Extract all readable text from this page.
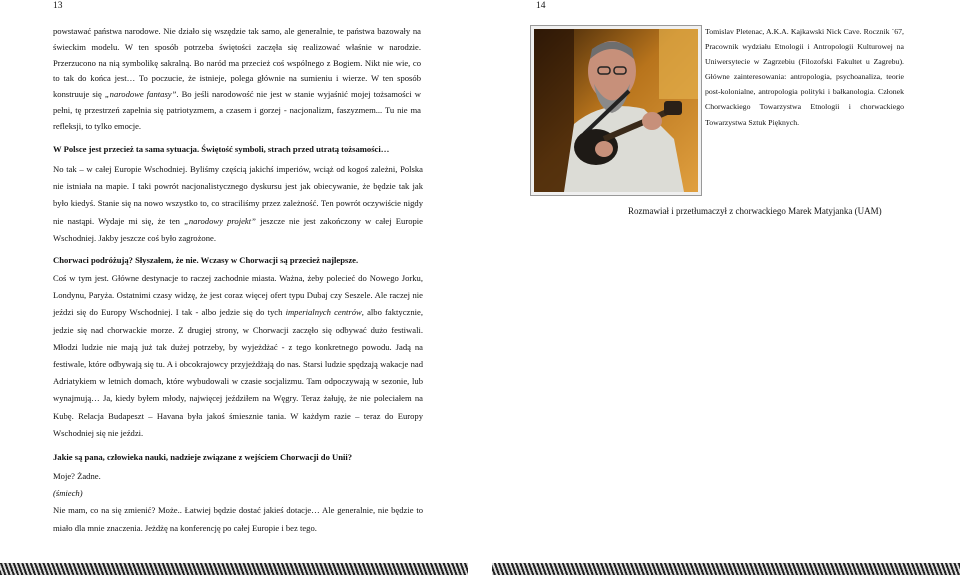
13	14

powstawać państwa narodowe. Nie działo się wszędzie tak samo, ale generalnie, te państwa bazowały na świeckim modelu. W ten sposób potrzeba świętości zaczęła się realizować właśnie w narodzie. Przerzucono na nią symbolikę sakralną. Bo naród ma przecież coś wspólnego z Bogiem. Nikt nie wie, co to tak do końca jest… To poczucie, że istnieje, polega głównie na sumieniu i wierze. W ten sposób konstruuje się „narodowe fantasy”. Bo jeśli narodowość nie jest w stanie wyjaśnić mojej tożsamości w pełni, tę przestrzeń zapełnia się patriotyzmem, a czasem i gorzej - nacjonalizm, faszyzmem... Tu nie ma refleksji, to tylko emocje.

W Polsce jest przecież ta sama sytuacja. Świętość symboli, strach przed utratą tożsamości…

No tak – w całej Europie Wschodniej. Byliśmy częścią jakichś imperiów, wciąż od kogoś zależni, Polska nie istniała na mapie. I taki powrót nacjonalistycznego dyskursu jest jak obiecywanie, że będzie tak jak było kiedyś. Stanie się na nowo wszystko to, co straciliśmy przez zależność. Ten powrót oczywiście nigdy nie nastąpi. Wydaje mi się, że ten „narodowy projekt” jeszcze nie jest zakończony w całej Europie Wschodniej. Jakby jeszcze coś było zagrożone.

Chorwaci podróżują? Słyszałem, że nie. Wczasy w Chorwacji są przecież najlepsze.

Coś w tym jest. Główne destynacje to raczej zachodnie miasta. Ważna, żeby polecieć do Nowego Jorku, Londynu, Paryża. Ostatnimi czasy widzę, że jest coraz więcej ofert typu Dubaj czy Seszele. Ale raczej nie jeździ się do Europy Wschodniej. I tak - albo jedzie się do tych imperialnych centrów, albo faktycznie, jedzie się nad chorwackie morze. Z drugiej strony, w Chorwacji zaczęło się odbywać dużo festiwali. Młodzi ludzie nie mają już tak dużej potrzeby, by wyjeżdżać - z tego konkretnego powodu. Jadą na festiwale, które odbywają się tu. A i obcokrajowcy przyjeżdżają do nas. Starsi ludzie spędzają wakacje nad Adriatykiem w letnich domach, które wybudowali w czasie socjalizmu. Tam odpoczywają w sezonie, lub wynajmują… Ja, kiedy byłem młody, najwięcej jeździłem na Węgry. Teraz żałuję, że nie poleciałem na Kubę. Relacja Budapeszt – Havana była jakoś śmiesznie tania. W każdym razie – teraz do Europy Wschodniej się nie jeździ.

Jakie są pana, człowieka nauki, nadzieje związane z wejściem Chorwacji do Unii?

Moje? Żadne.

(śmiech)

Nie mam, co na się zmienić? Może.. Łatwiej będzie dostać jakieś dotacje… Ale generalnie, nie będzie to miało dla mnie znaczenia. Jeżdżę na konferencję po całej Europie i bez tego.

Tomislav Pletenac, A.K.A. Kajkawski Nick Cave. Rocznik `67, Pracownik wydziału Etnologii i Antropologii Kulturowej na Uniwersytecie w Zagrzebiu (Filozofski Fakultet u Zagrebu). Główne zainteresowania: antropologia, psychoanaliza, teorie post-kolonialne, antropologia polityki i bałkanologia. Członek Chorwackiego Towarzystwa Etnologii i chorwackiego Towarzystwa Sztuk Pięknych.

Rozmawiał i przetłumaczył z chorwackiego Marek Matyjanka (UAM)
